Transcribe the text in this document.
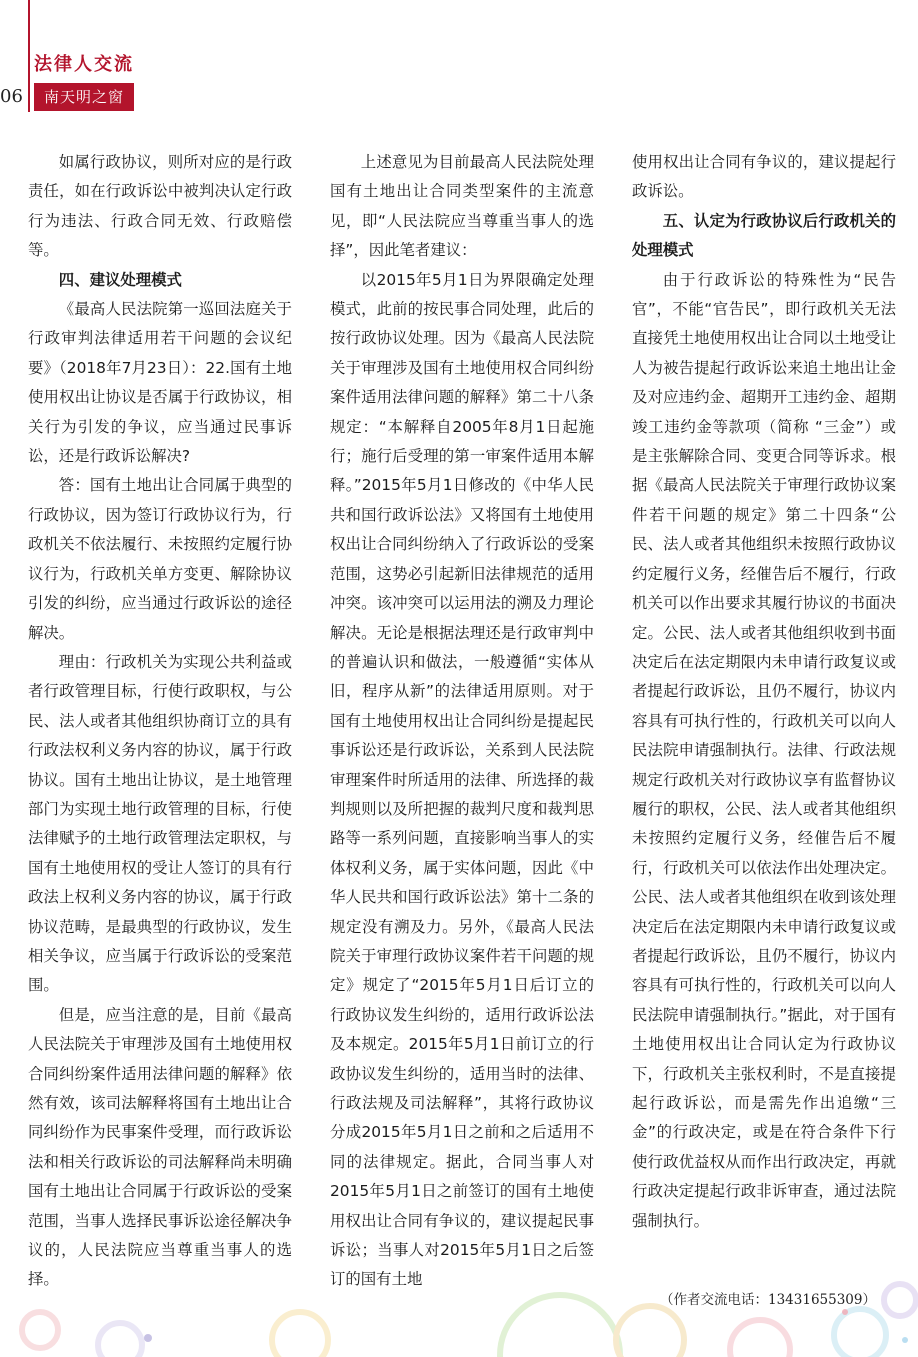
06
法律人交流
南天明之窗

如属行政协议，则所对应的是行政责任，如在行政诉讼中被判决认定行政行为违法、行政合同无效、行政赔偿等。

四、建议处理模式

《最高人民法院第一巡回法庭关于行政审判法律适用若干问题的会议纪要》（2018年7月23日）：22.国有土地使用权出让协议是否属于行政协议，相关行为引发的争议，应当通过民事诉讼，还是行政诉讼解决?

答：国有土地出让合同属于典型的行政协议，因为签订行政协议行为，行政机关不依法履行、未按照约定履行协议行为，行政机关单方变更、解除协议引发的纠纷，应当通过行政诉讼的途径解决。

理由：行政机关为实现公共利益或者行政管理目标，行使行政职权，与公民、法人或者其他组织协商订立的具有行政法权利义务内容的协议，属于行政协议。国有土地出让协议，是土地管理部门为实现土地行政管理的目标，行使法律赋予的土地行政管理法定职权，与国有土地使用权的受让人签订的具有行政法上权利义务内容的协议，属于行政协议范畴，是最典型的行政协议，发生相关争议，应当属于行政诉讼的受案范围。

但是，应当注意的是，目前《最高人民法院关于审理涉及国有土地使用权合同纠纷案件适用法律问题的解释》依然有效，该司法解释将国有土地出让合同纠纷作为民事案件受理，而行政诉讼法和相关行政诉讼的司法解释尚未明确国有土地出让合同属于行政诉讼的受案范围，当事人选择民事诉讼途径解决争议的，人民法院应当尊重当事人的选择。

上述意见为目前最高人民法院处理国有土地出让合同类型案件的主流意见，即“人民法院应当尊重当事人的选择”，因此笔者建议：

以2015年5月1日为界限确定处理模式，此前的按民事合同处理，此后的按行政协议处理。因为《最高人民法院关于审理涉及国有土地使用权合同纠纷案件适用法律问题的解释》第二十八条规定：“本解释自2005年8月1日起施行；施行后受理的第一审案件适用本解释。”2015年5月1日修改的《中华人民共和国行政诉讼法》又将国有土地使用权出让合同纠纷纳入了行政诉讼的受案范围，这势必引起新旧法律规范的适用冲突。该冲突可以运用法的溯及力理论解决。无论是根据法理还是行政审判中的普遍认识和做法，一般遵循“实体从旧，程序从新”的法律适用原则。对于国有土地使用权出让合同纠纷是提起民事诉讼还是行政诉讼，关系到人民法院审理案件时所适用的法律、所选择的裁判规则以及所把握的裁判尺度和裁判思路等一系列问题，直接影响当事人的实体权利义务，属于实体问题，因此《中华人民共和国行政诉讼法》第十二条的规定没有溯及力。另外，《最高人民法院关于审理行政协议案件若干问题的规定》规定了“2015年5月1日后订立的行政协议发生纠纷的，适用行政诉讼法及本规定。2015年5月1日前订立的行政协议发生纠纷的，适用当时的法律、行政法规及司法解释”，其将行政协议分成2015年5月1日之前和之后适用不同的法律规定。据此，合同当事人对2015年5月1日之前签订的国有土地使用权出让合同有争议的，建议提起民事诉讼；当事人对2015年5月1日之后签订的国有土地

使用权出让合同有争议的，建议提起行政诉讼。

五、认定为行政协议后行政机关的处理模式

由于行政诉讼的特殊性为“民告官”，不能“官告民”，即行政机关无法直接凭土地使用权出让合同以土地受让人为被告提起行政诉讼来追土地出让金及对应违约金、超期开工违约金、超期竣工违约金等款项（简称 “三金”）或是主张解除合同、变更合同等诉求。根据《最高人民法院关于审理行政协议案件若干问题的规定》第二十四条“公民、法人或者其他组织未按照行政协议约定履行义务，经催告后不履行，行政机关可以作出要求其履行协议的书面决定。公民、法人或者其他组织收到书面决定后在法定期限内未申请行政复议或者提起行政诉讼，且仍不履行，协议内容具有可执行性的，行政机关可以向人民法院申请强制执行。法律、行政法规规定行政机关对行政协议享有监督协议履行的职权，公民、法人或者其他组织未按照约定履行义务，经催告后不履行，行政机关可以依法作出处理决定。公民、法人或者其他组织在收到该处理决定后在法定期限内未申请行政复议或者提起行政诉讼，且仍不履行，协议内容具有可执行性的，行政机关可以向人民法院申请强制执行。”据此，对于国有土地使用权出让合同认定为行政协议下，行政机关主张权利时，不是直接提起行政诉讼，而是需先作出追缴“三金”的行政决定，或是在符合条件下行使行政优益权从而作出行政决定，再就行政决定提起行政非诉审查，通过法院强制执行。

（作者交流电话：13431655309）
